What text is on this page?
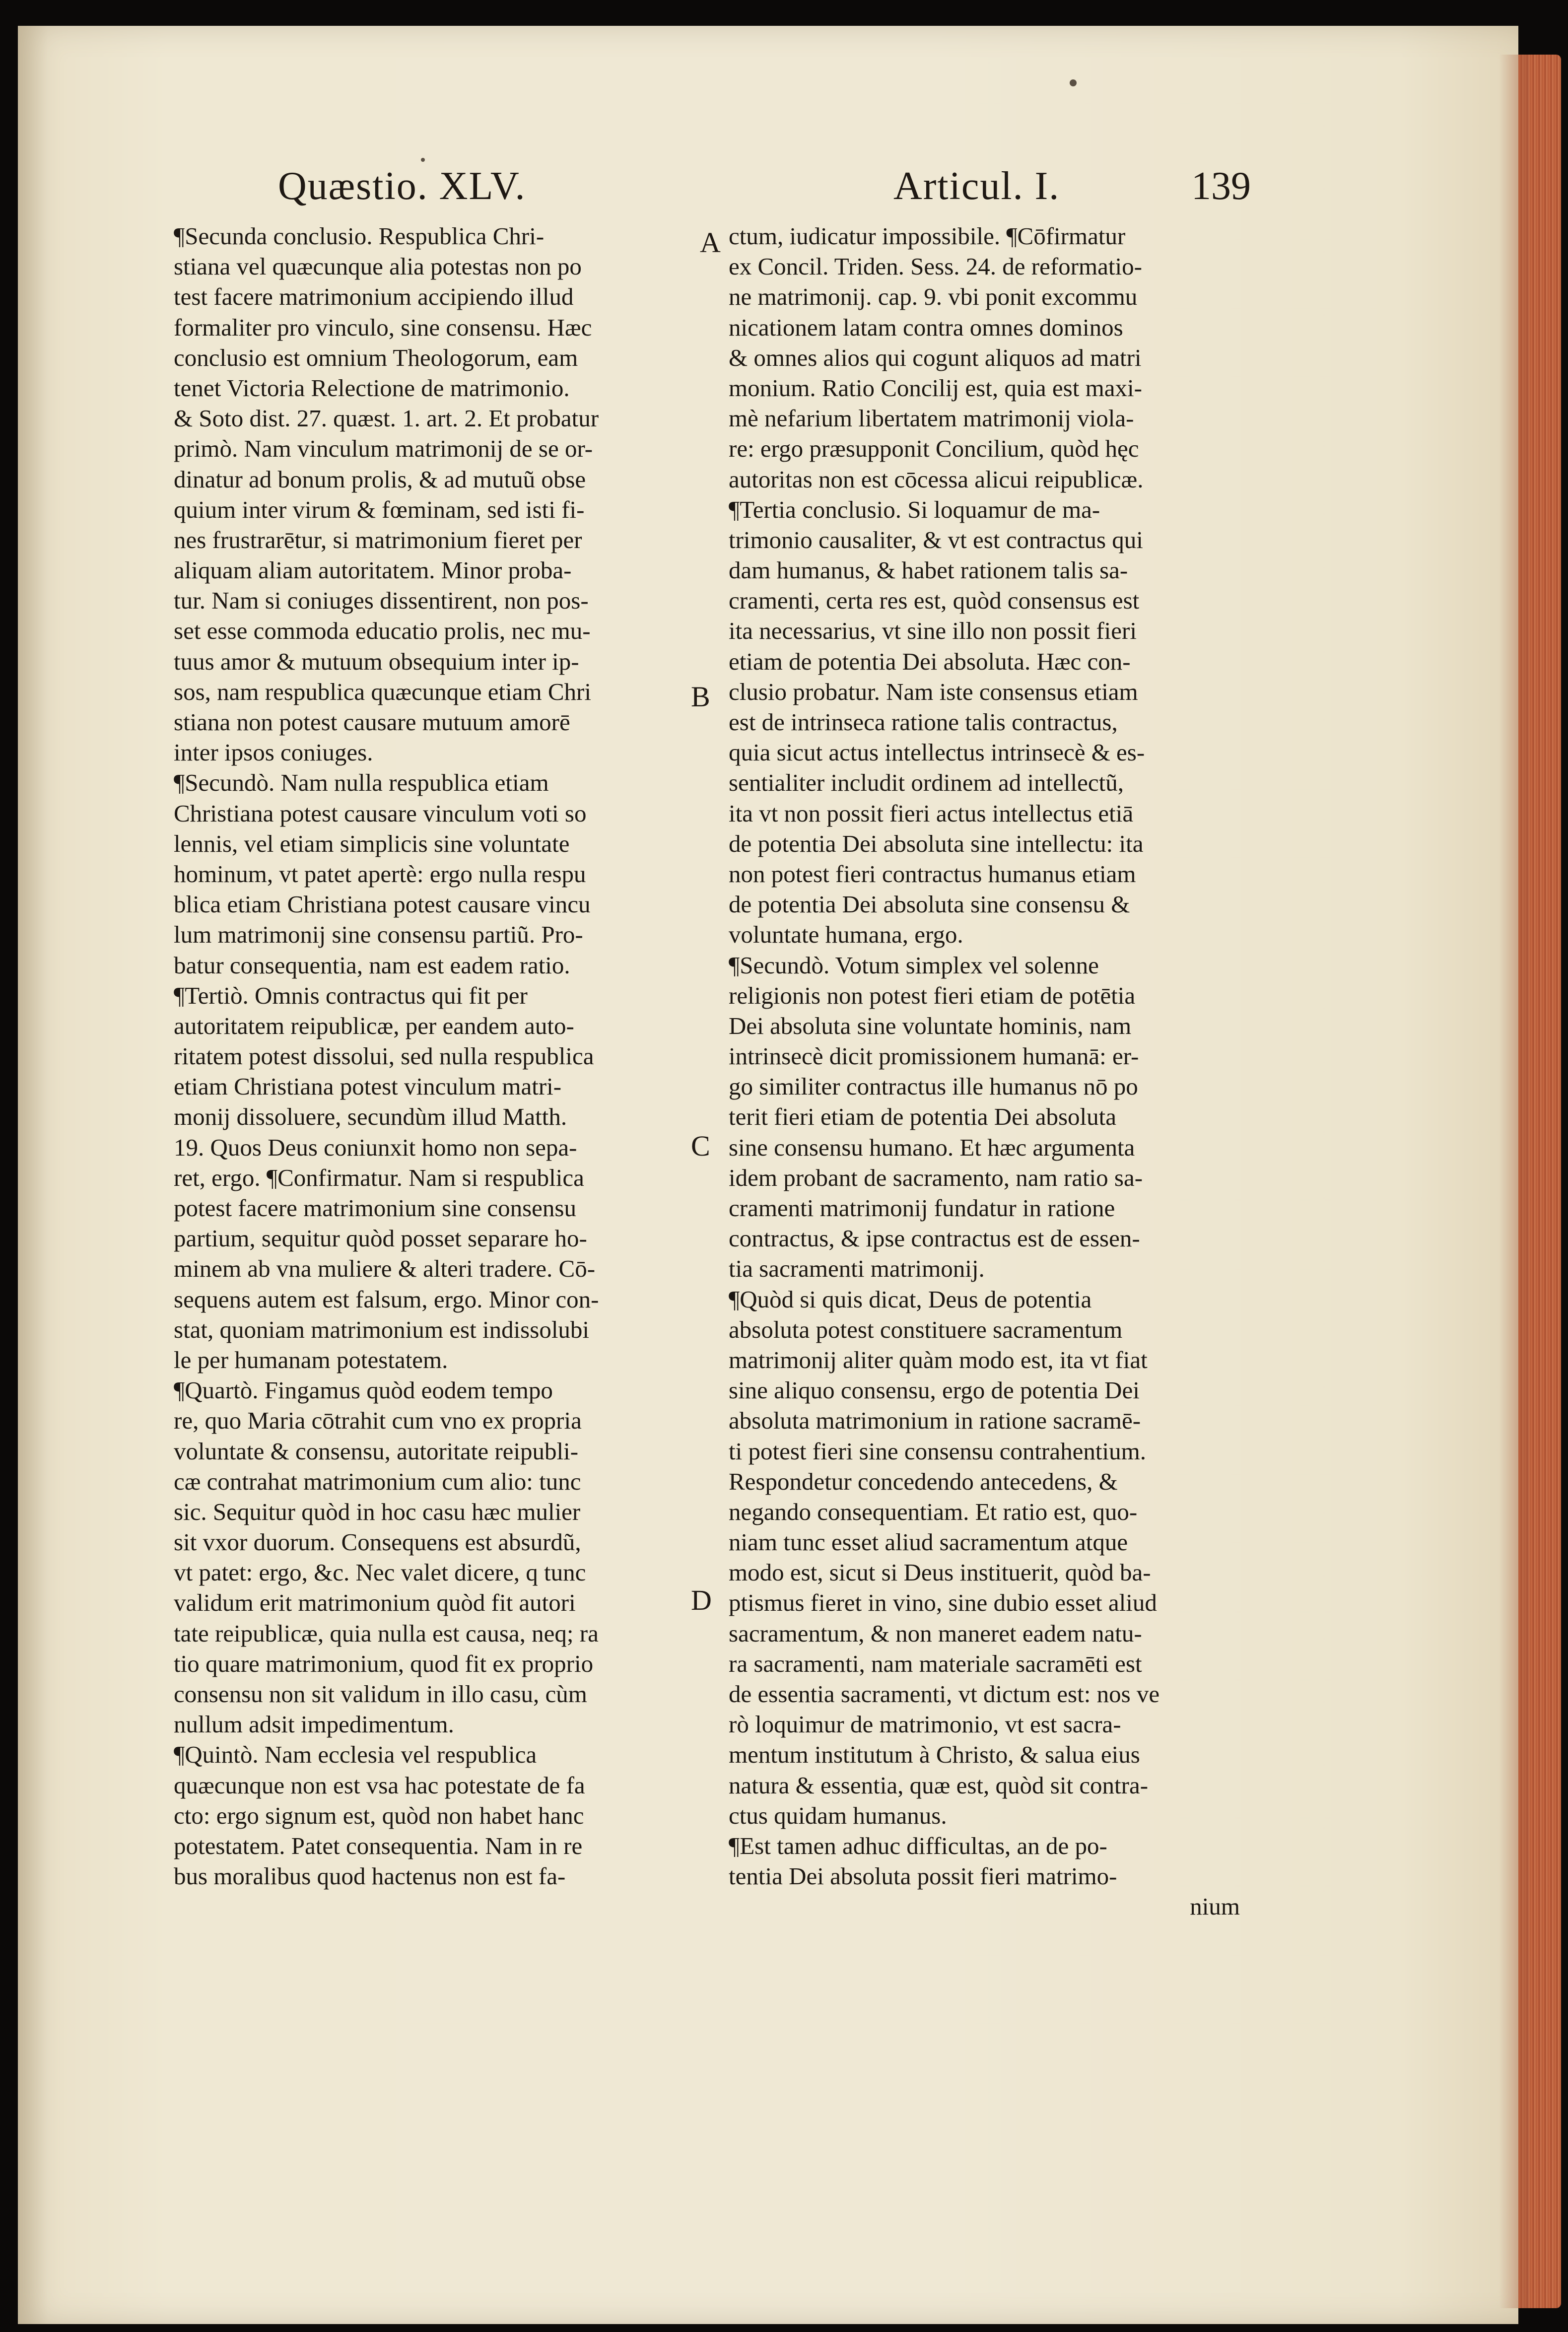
Quæstio. XLV.	Articul. I.	139
A
B
C
D
¶Secunda conclusio. Respublica Chri-
stiana vel quæcunque alia potestas non po
test facere matrimonium accipiendo illud
formaliter pro vinculo, sine consensu. Hæc
conclusio est omnium Theologorum, eam
tenet Victoria Relectione de matrimonio.
& Soto dist. 27. quæst. 1. art. 2. Et probatur
primò. Nam vinculum matrimonij de se or-
dinatur ad bonum prolis, & ad mutuũ obse
quium inter virum & fœminam, sed isti fi-
nes frustrarētur, si matrimonium fieret per
aliquam aliam autoritatem. Minor proba-
tur. Nam si coniuges dissentirent, non pos-
set esse commoda educatio prolis, nec mu-
tuus amor & mutuum obsequium inter ip-
sos, nam respublica quæcunque etiam Chri
stiana non potest causare mutuum amorē
inter ipsos coniuges.
¶Secundò. Nam nulla respublica etiam
Christiana potest causare vinculum voti so
lennis, vel etiam simplicis sine voluntate
hominum, vt patet apertè: ergo nulla respu
blica etiam Christiana potest causare vincu
lum matrimonij sine consensu partiũ. Pro-
batur consequentia, nam est eadem ratio.
¶Tertiò. Omnis contractus qui fit per
autoritatem reipublicæ, per eandem auto-
ritatem potest dissolui, sed nulla respublica
etiam Christiana potest vinculum matri-
monij dissoluere, secundùm illud Matth.
19. Quos Deus coniunxit homo non sepa-
ret, ergo. ¶Confirmatur. Nam si respublica
potest facere matrimonium sine consensu
partium, sequitur quòd posset separare ho-
minem ab vna muliere & alteri tradere. Cō-
sequens autem est falsum, ergo. Minor con-
stat, quoniam matrimonium est indissolubi
le per humanam potestatem.
¶Quartò. Fingamus quòd eodem tempo
re, quo Maria cōtrahit cum vno ex propria
voluntate & consensu, autoritate reipubli-
cæ contrahat matrimonium cum alio: tunc
sic. Sequitur quòd in hoc casu hæc mulier
sit vxor duorum. Consequens est absurdũ,
vt patet: ergo, &c. Nec valet dicere, q tunc
validum erit matrimonium quòd fit autori
tate reipublicæ, quia nulla est causa, neq; ra
tio quare matrimonium, quod fit ex proprio
consensu non sit validum in illo casu, cùm
nullum adsit impedimentum.
¶Quintò. Nam ecclesia vel respublica
quæcunque non est vsa hac potestate de fa
cto: ergo signum est, quòd non habet hanc
potestatem. Patet consequentia. Nam in re
bus moralibus quod hactenus non est fa-
ctum, iudicatur impossibile. ¶Cōfirmatur
ex Concil. Triden. Sess. 24. de reformatio-
ne matrimonij. cap. 9. vbi ponit excommu
nicationem latam contra omnes dominos
& omnes alios qui cogunt aliquos ad matri
monium. Ratio Concilij est, quia est maxi-
mè nefarium libertatem matrimonij viola-
re: ergo præsupponit Concilium, quòd hęc
autoritas non est cōcessa alicui reipublicæ.
¶Tertia conclusio. Si loquamur de ma-
trimonio causaliter, & vt est contractus qui
dam humanus, & habet rationem talis sa-
cramenti, certa res est, quòd consensus est
ita necessarius, vt sine illo non possit fieri
etiam de potentia Dei absoluta. Hæc con-
clusio probatur. Nam iste consensus etiam
est de intrinseca ratione talis contractus,
quia sicut actus intellectus intrinsecè & es-
sentialiter includit ordinem ad intellectũ,
ita vt non possit fieri actus intellectus etiā
de potentia Dei absoluta sine intellectu: ita
non potest fieri contractus humanus etiam
de potentia Dei absoluta sine consensu &
voluntate humana, ergo.
¶Secundò. Votum simplex vel solenne
religionis non potest fieri etiam de potētia
Dei absoluta sine voluntate hominis, nam
intrinsecè dicit promissionem humanā: er-
go similiter contractus ille humanus nō po
terit fieri etiam de potentia Dei absoluta
sine consensu humano. Et hæc argumenta
idem probant de sacramento, nam ratio sa-
cramenti matrimonij fundatur in ratione
contractus, & ipse contractus est de essen-
tia sacramenti matrimonij.
¶Quòd si quis dicat, Deus de potentia
absoluta potest constituere sacramentum
matrimonij aliter quàm modo est, ita vt fiat
sine aliquo consensu, ergo de potentia Dei
absoluta matrimonium in ratione sacramē-
ti potest fieri sine consensu contrahentium.
Respondetur concedendo antecedens, &
negando consequentiam. Et ratio est, quo-
niam tunc esset aliud sacramentum atque
modo est, sicut si Deus instituerit, quòd ba-
ptismus fieret in vino, sine dubio esset aliud
sacramentum, & non maneret eadem natu-
ra sacramenti, nam materiale sacramēti est
de essentia sacramenti, vt dictum est: nos ve
rò loquimur de matrimonio, vt est sacra-
mentum institutum à Christo, & salua eius
natura & essentia, quæ est, quòd sit contra-
ctus quidam humanus.
¶Est tamen adhuc difficultas, an de po-
tentia Dei absoluta possit fieri matrimo-
nium
